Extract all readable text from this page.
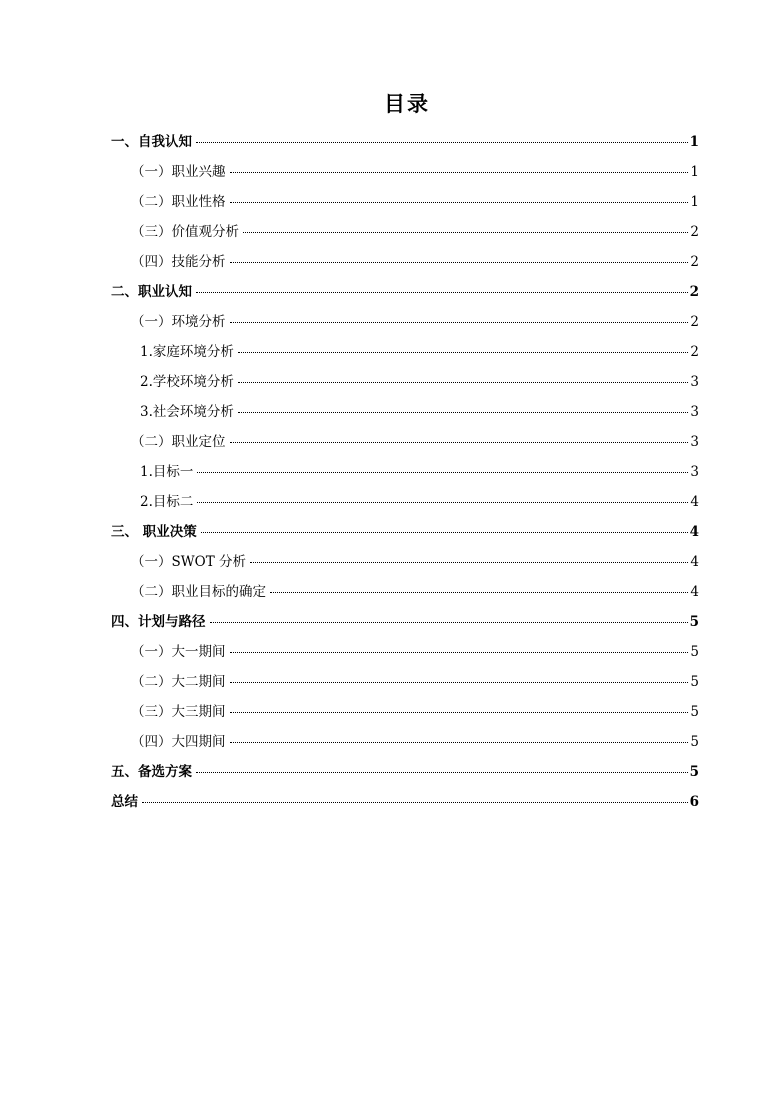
目录
一、自我认知	1
（一）职业兴趣	1
（二）职业性格	1
（三）价值观分析	2
（四）技能分析	2
二、职业认知	2
（一）环境分析	2
1.家庭环境分析	2
2.学校环境分析	3
3.社会环境分析	3
（二）职业定位	3
1.目标一	3
2.目标二	4
三、 职业决策	4
（一）SWOT 分析	4
（二）职业目标的确定	4
四、计划与路径	5
（一）大一期间	5
（二）大二期间	5
（三）大三期间	5
（四）大四期间	5
五、备选方案	5
总结	6
